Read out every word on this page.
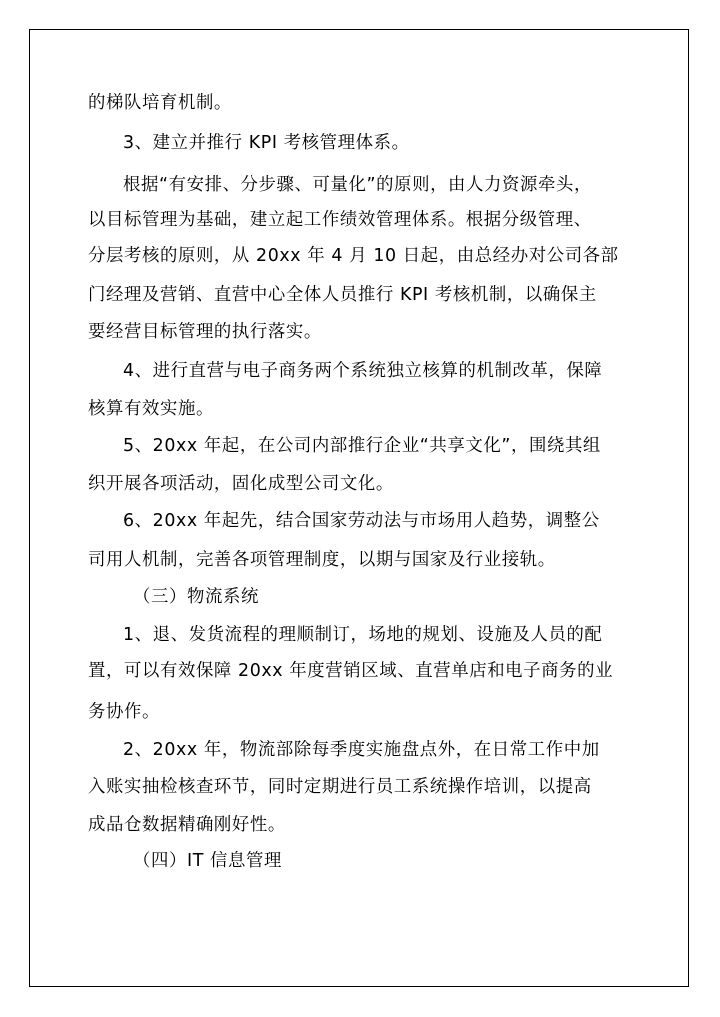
的梯队培育机制。
3、建立并推行 KPI 考核管理体系。
根据“有安排、分步骤、可量化”的原则，由人力资源牵头，
以目标管理为基础，建立起工作绩效管理体系。根据分级管理、
分层考核的原则，从 20xx 年 4 月 10 日起，由总经办对公司各部
门经理及营销、直营中心全体人员推行 KPI 考核机制，以确保主
要经营目标管理的执行落实。
4、进行直营与电子商务两个系统独立核算的机制改革，保障
核算有效实施。
5、20xx 年起，在公司内部推行企业“共享文化”，围绕其组
织开展各项活动，固化成型公司文化。
6、20xx 年起先，结合国家劳动法与市场用人趋势，调整公
司用人机制，完善各项管理制度，以期与国家及行业接轨。
（三）物流系统
1、退、发货流程的理顺制订，场地的规划、设施及人员的配
置，可以有效保障 20xx 年度营销区域、直营单店和电子商务的业
务协作。
2、20xx 年，物流部除每季度实施盘点外，在日常工作中加
入账实抽检核查环节，同时定期进行员工系统操作培训，以提高
成品仓数据精确刚好性。
（四）IT 信息管理
